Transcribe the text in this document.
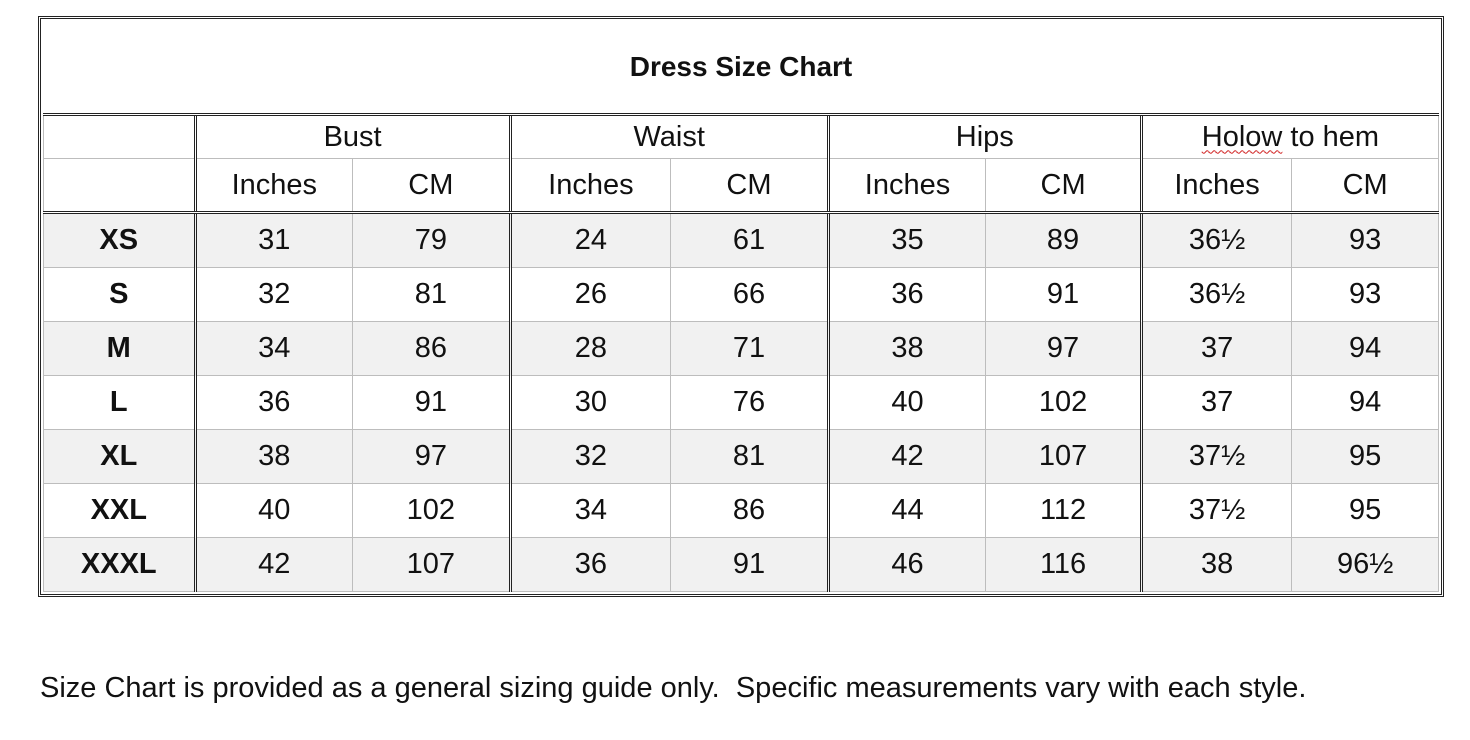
Dress Size Chart								
	Bust		Waist		Hips		Holow to hem	
	Inches	CM	Inches	CM	Inches	CM	Inches	CM
XS	31	79	24	61	35	89	36½	93
S	32	81	26	66	36	91	36½	93
M	34	86	28	71	38	97	37	94
L	36	91	30	76	40	102	37	94
XL	38	97	32	81	42	107	37½	95
XXL	40	102	34	86	44	112	37½	95
XXXL	42	107	36	91	46	116	38	96½
Size Chart is provided as a general sizing guide only.  Specific measurements vary with each style.
